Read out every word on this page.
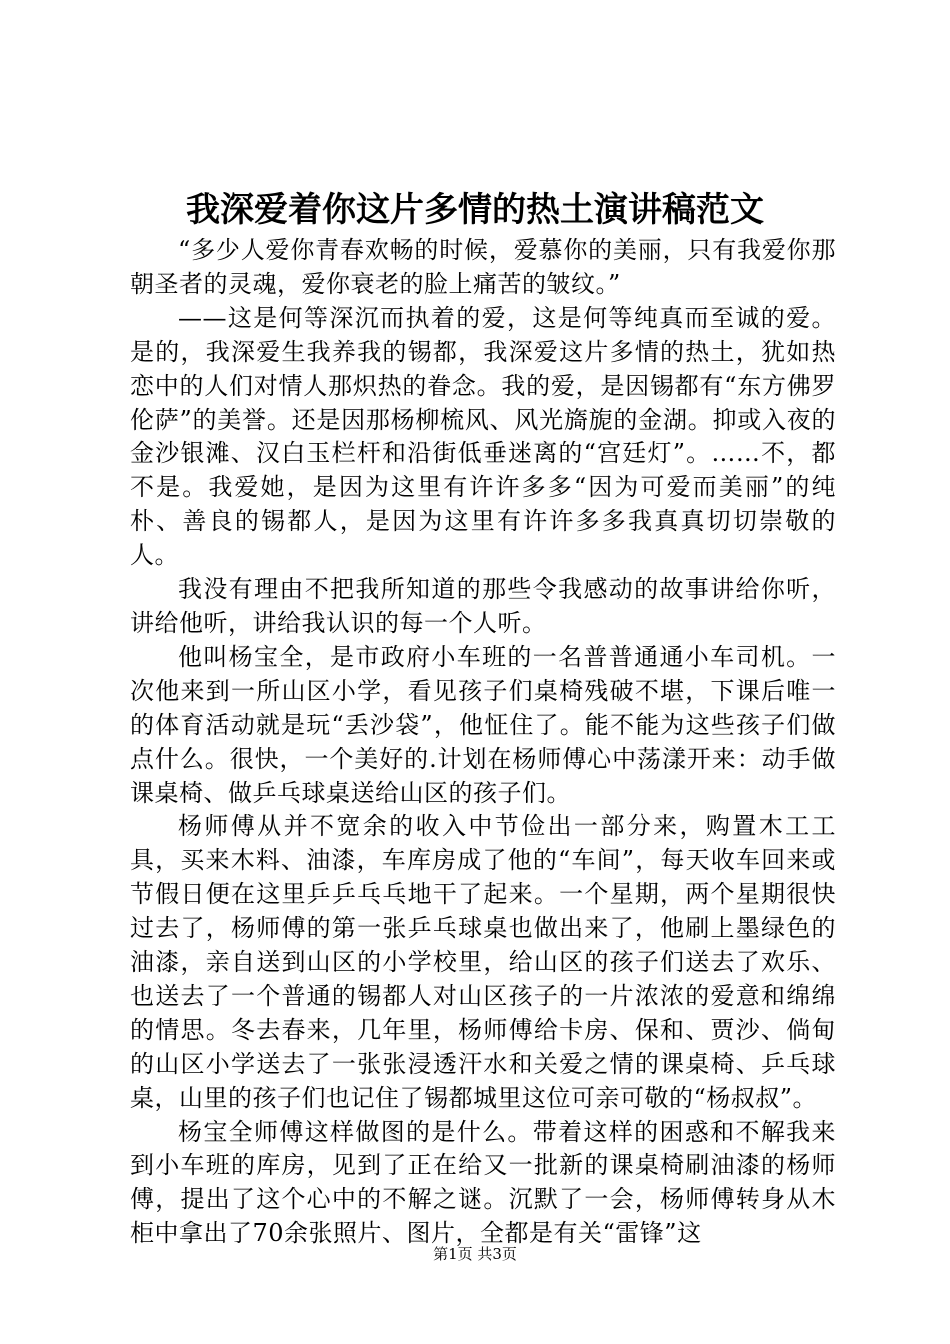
我深爱着你这片多情的热土演讲稿范文

“多少人爱你青春欢畅的时候，爱慕你的美丽，只有我爱你那朝圣者的灵魂，爱你衰老的脸上痛苦的皱纹。”

——这是何等深沉而执着的爱，这是何等纯真而至诚的爱。是的，我深爱生我养我的锡都，我深爱这片多情的热土，犹如热恋中的人们对情人那炽热的眷念。我的爱，是因锡都有“东方佛罗伦萨”的美誉。还是因那杨柳梳风、风光旖旎的金湖。抑或入夜的金沙银滩、汉白玉栏杆和沿街低垂迷离的“宫廷灯”。……不，都不是。我爱她，是因为这里有许许多多“因为可爱而美丽”的纯朴、善良的锡都人，是因为这里有许许多多我真真切切崇敬的人。

我没有理由不把我所知道的那些令我感动的故事讲给你听，讲给他听，讲给我认识的每一个人听。

他叫杨宝全，是市政府小车班的一名普普通通小车司机。一次他来到一所山区小学，看见孩子们桌椅残破不堪，下课后唯一的体育活动就是玩“丢沙袋”，他怔住了。能不能为这些孩子们做点什么。很快，一个美好的.计划在杨师傅心中荡漾开来：动手做课桌椅、做乒乓球桌送给山区的孩子们。

杨师傅从并不宽余的收入中节俭出一部分来，购置木工工具，买来木料、油漆，车库房成了他的“车间”，每天收车回来或节假日便在这里乒乒乓乓地干了起来。一个星期，两个星期很快过去了，杨师傅的第一张乒乓球桌也做出来了，他刷上墨绿色的油漆，亲自送到山区的小学校里，给山区的孩子们送去了欢乐、也送去了一个普通的锡都人对山区孩子的一片浓浓的爱意和绵绵的情思。冬去春来，几年里，杨师傅给卡房、保和、贾沙、倘甸的山区小学送去了一张张浸透汗水和关爱之情的课桌椅、乒乓球桌，山里的孩子们也记住了锡都城里这位可亲可敬的“杨叔叔”。

杨宝全师傅这样做图的是什么。带着这样的困惑和不解我来到小车班的库房，见到了正在给又一批新的课桌椅刷油漆的杨师傅，提出了这个心中的不解之谜。沉默了一会，杨师傅转身从木柜中拿出了70余张照片、图片，全都是有关“雷锋”这

第1页 共3页
